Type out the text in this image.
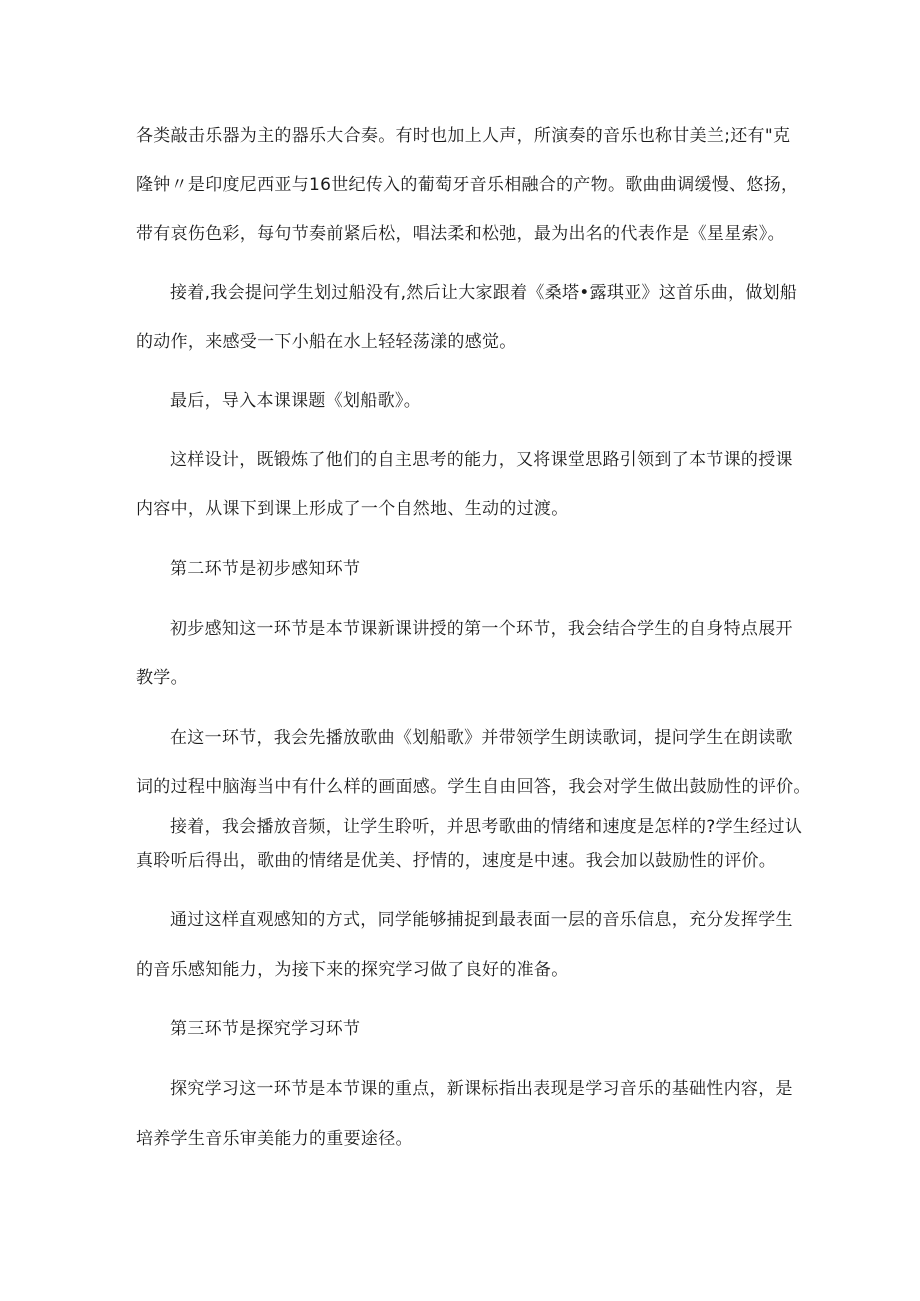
各类敲击乐器为主的器乐大合奏。有时也加上人声，所演奏的音乐也称甘美兰;还有"克
隆钟〃是印度尼西亚与16世纪传入的葡萄牙音乐相融合的产物。歌曲曲调缓慢、悠扬，
带有哀伤色彩，每句节奏前紧后松，唱法柔和松弛，最为出名的代表作是《星星索》。
接着,我会提问学生划过船没有,然后让大家跟着《桑塔•露琪亚》这首乐曲，做划船
的动作，来感受一下小船在水上轻轻荡漾的感觉。
最后，导入本课课题《划船歌》。
这样设计，既锻炼了他们的自主思考的能力，又将课堂思路引领到了本节课的授课
内容中，从课下到课上形成了一个自然地、生动的过渡。
第二环节是初步感知环节
初步感知这一环节是本节课新课讲授的第一个环节，我会结合学生的自身特点展开
教学。
在这一环节，我会先播放歌曲《划船歌》并带领学生朗读歌词，提问学生在朗读歌
词的过程中脑海当中有什么样的画面感。学生自由回答，我会对学生做出鼓励性的评价。
接着，我会播放音频，让学生聆听，并思考歌曲的情绪和速度是怎样的?学生经过认
真聆听后得出，歌曲的情绪是优美、抒情的，速度是中速。我会加以鼓励性的评价。
通过这样直观感知的方式，同学能够捕捉到最表面一层的音乐信息，充分发挥学生
的音乐感知能力，为接下来的探究学习做了良好的准备。
第三环节是探究学习环节
探究学习这一环节是本节课的重点，新课标指出表现是学习音乐的基础性内容，是
培养学生音乐审美能力的重要途径。
